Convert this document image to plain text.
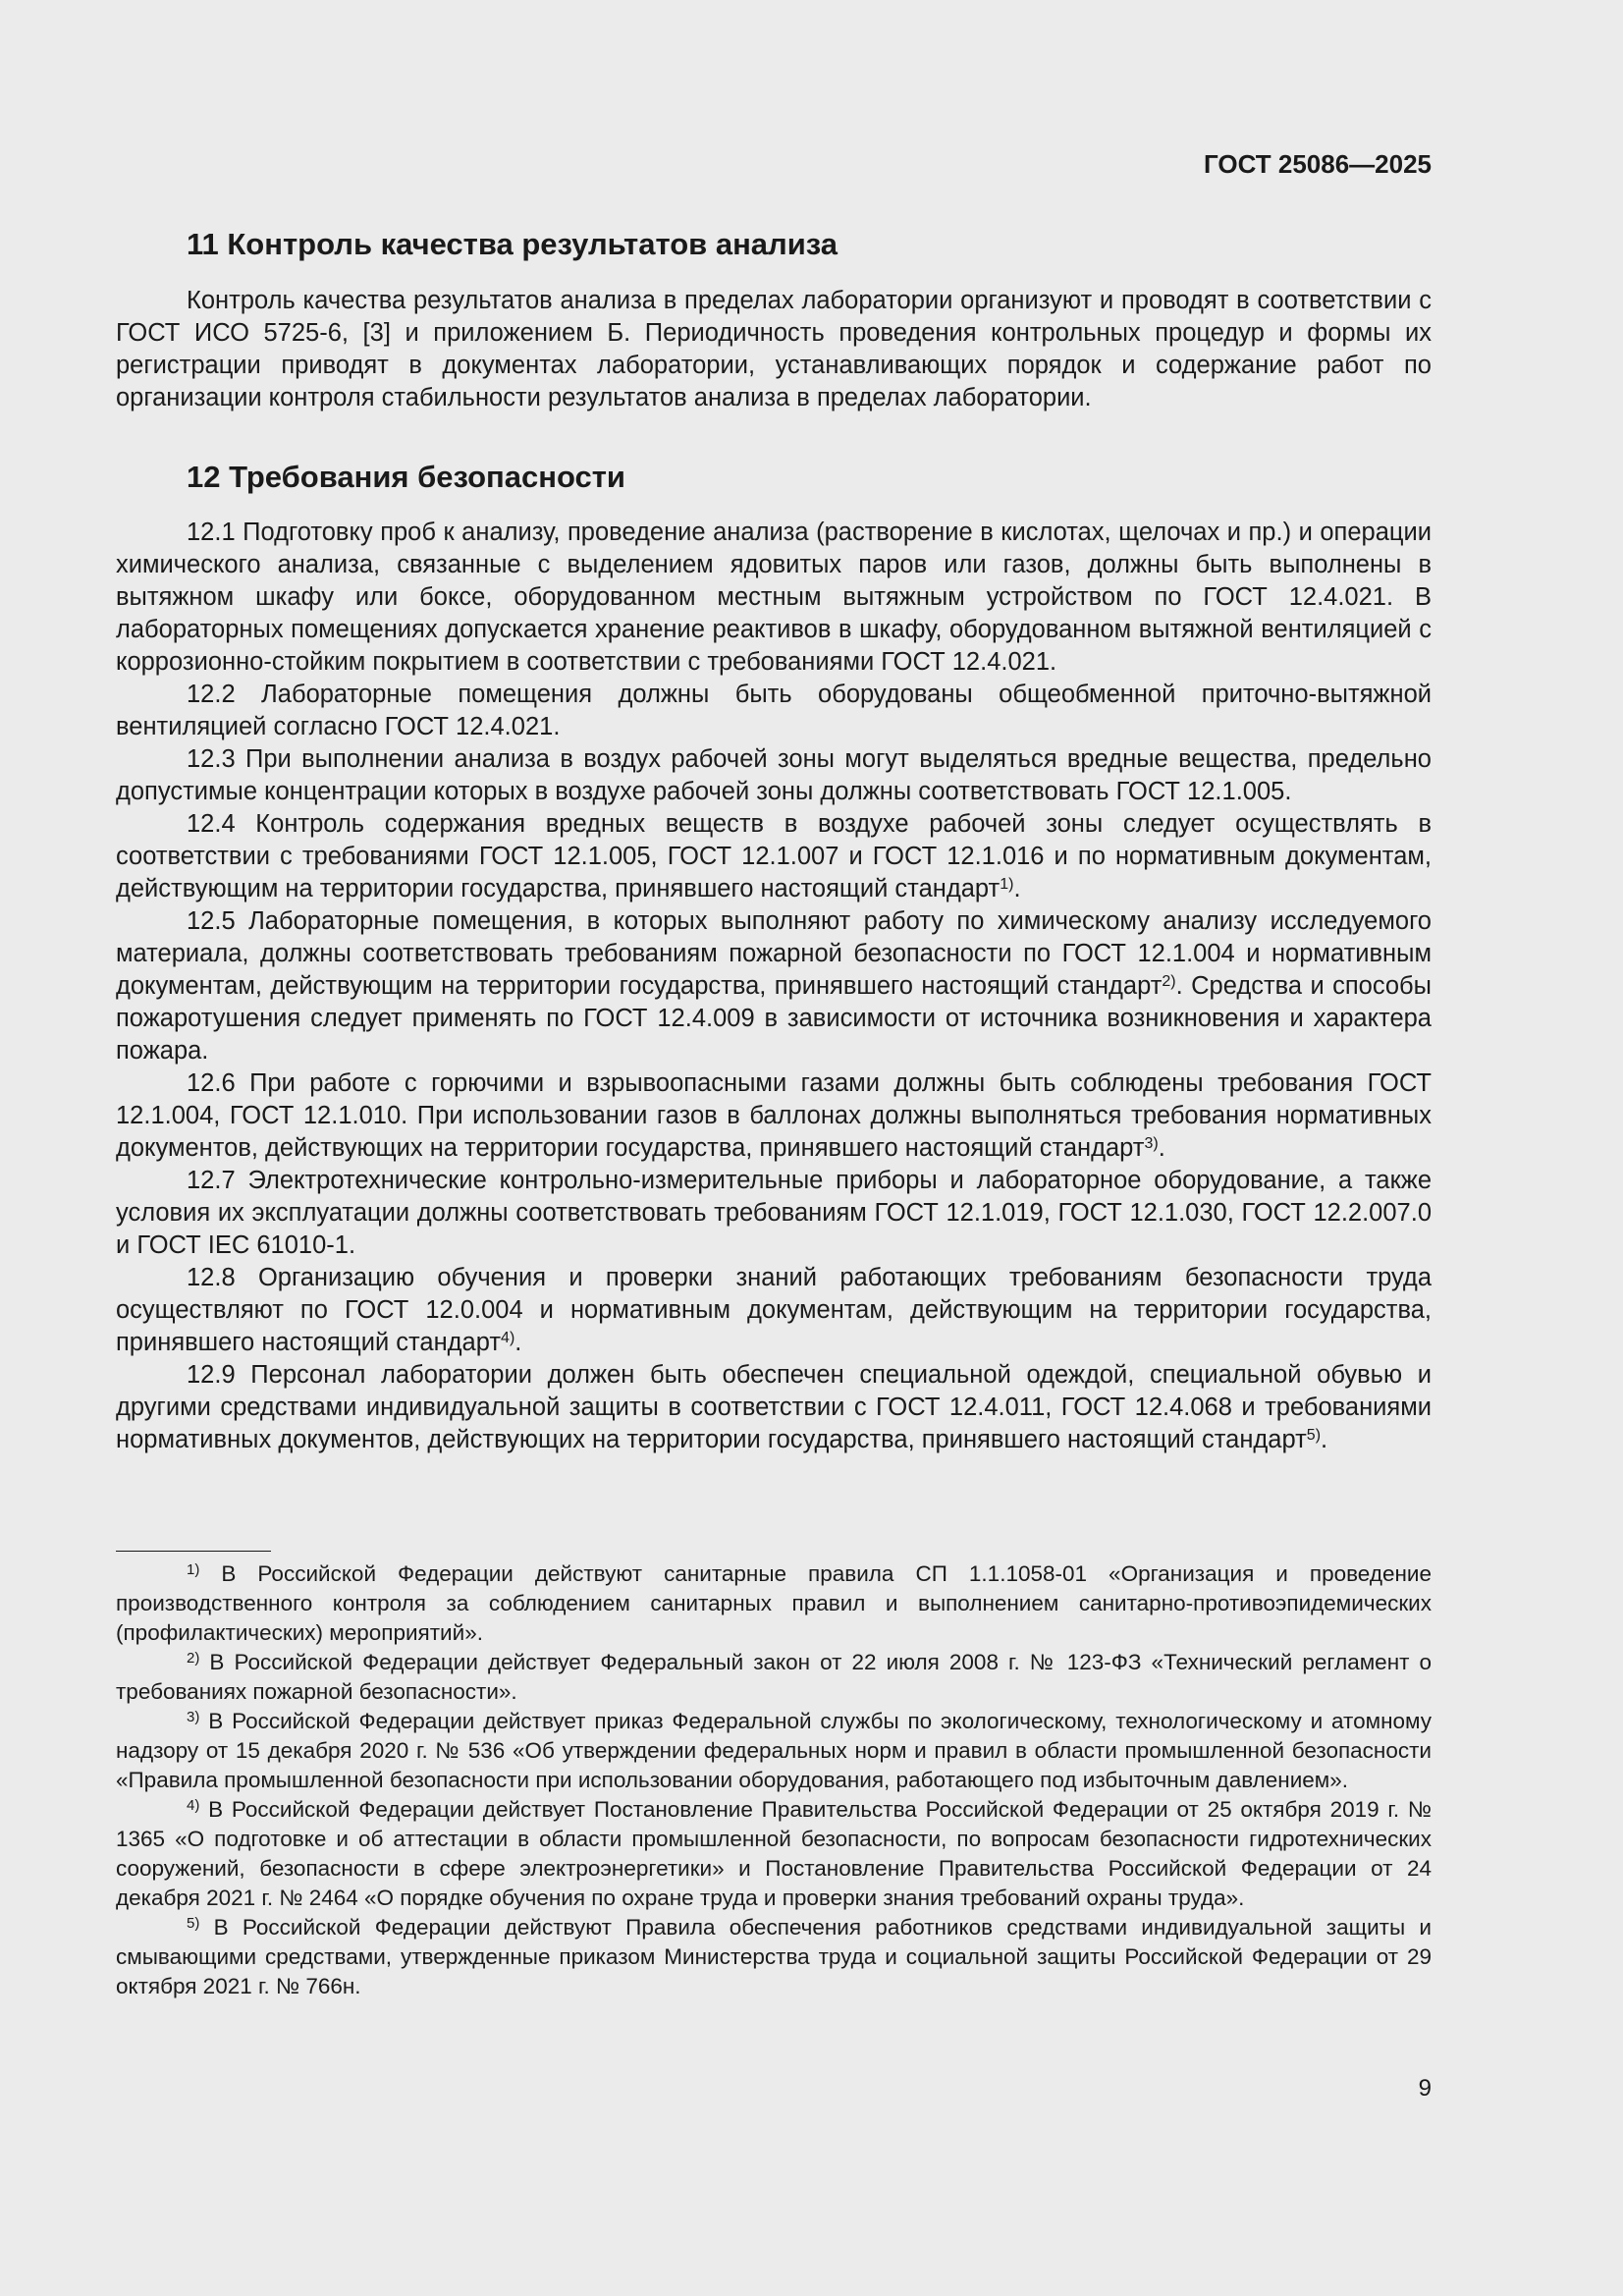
ГОСТ 25086—2025
11 Контроль качества результатов анализа

Контроль качества результатов анализа в пределах лаборатории организуют и проводят в соответствии с ГОСТ ИСО 5725-6, [3] и приложением Б. Периодичность проведения контрольных процедур и формы их регистрации приводят в документах лаборатории, устанавливающих порядок и содержание работ по организации контроля стабильности результатов анализа в пределах лаборатории.

12 Требования безопасности

12.1 Подготовку проб к анализу, проведение анализа (растворение в кислотах, щелочах и пр.) и операции химического анализа, связанные с выделением ядовитых паров или газов, должны быть выполнены в вытяжном шкафу или боксе, оборудованном местным вытяжным устройством по ГОСТ 12.4.021. В лабораторных помещениях допускается хранение реактивов в шкафу, оборудованном вытяжной вентиляцией с коррозионно-стойким покрытием в соответствии с требованиями ГОСТ 12.4.021.

12.2 Лабораторные помещения должны быть оборудованы общеобменной приточно-вытяжной вентиляцией согласно ГОСТ 12.4.021.

12.3 При выполнении анализа в воздух рабочей зоны могут выделяться вредные вещества, предельно допустимые концентрации которых в воздухе рабочей зоны должны соответствовать ГОСТ 12.1.005.

12.4 Контроль содержания вредных веществ в воздухе рабочей зоны следует осуществлять в соответствии с требованиями ГОСТ 12.1.005, ГОСТ 12.1.007 и ГОСТ 12.1.016 и по нормативным документам, действующим на территории государства, принявшего настоящий стандарт$^{1)}$.

12.5 Лабораторные помещения, в которых выполняют работу по химическому анализу исследуемого материала, должны соответствовать требованиям пожарной безопасности по ГОСТ 12.1.004 и нормативным документам, действующим на территории государства, принявшего настоящий стандарт$^{2)}$. Средства и способы пожаротушения следует применять по ГОСТ 12.4.009 в зависимости от источника возникновения и характера пожара.

12.6 При работе с горючими и взрывоопасными газами должны быть соблюдены требования ГОСТ 12.1.004, ГОСТ 12.1.010. При использовании газов в баллонах должны выполняться требования нормативных документов, действующих на территории государства, принявшего настоящий стандарт$^{3)}$.

12.7 Электротехнические контрольно-измерительные приборы и лабораторное оборудование, а также условия их эксплуатации должны соответствовать требованиям ГОСТ 12.1.019, ГОСТ 12.1.030, ГОСТ 12.2.007.0 и ГОСТ IEC 61010-1.

12.8 Организацию обучения и проверки знаний работающих требованиям безопасности труда осуществляют по ГОСТ 12.0.004 и нормативным документам, действующим на территории государства, принявшего настоящий стандарт$^{4)}$.

12.9 Персонал лаборатории должен быть обеспечен специальной одеждой, специальной обувью и другими средствами индивидуальной защиты в соответствии с ГОСТ 12.4.011, ГОСТ 12.4.068 и требованиями нормативных документов, действующих на территории государства, принявшего настоящий стандарт$^{5)}$.

$^{1)}$ В Российской Федерации действуют санитарные правила СП 1.1.1058-01 «Организация и проведение производственного контроля за соблюдением санитарных правил и выполнением санитарно-противоэпидемических (профилактических) мероприятий».

$^{2)}$ В Российской Федерации действует Федеральный закон от 22 июля 2008 г. № 123-ФЗ «Технический регламент о требованиях пожарной безопасности».

$^{3)}$ В Российской Федерации действует приказ Федеральной службы по экологическому, технологическому и атомному надзору от 15 декабря 2020 г. № 536 «Об утверждении федеральных норм и правил в области промышленной безопасности «Правила промышленной безопасности при использовании оборудования, работающего под избыточным давлением».

$^{4)}$ В Российской Федерации действует Постановление Правительства Российской Федерации от 25 октября 2019 г. № 1365 «О подготовке и об аттестации в области промышленной безопасности, по вопросам безопасности гидротехнических сооружений, безопасности в сфере электроэнергетики» и Постановление Правительства Российской Федерации от 24 декабря 2021 г. № 2464 «О порядке обучения по охране труда и проверки знания требований охраны труда».

$^{5)}$ В Российской Федерации действуют Правила обеспечения работников средствами индивидуальной защиты и смывающими средствами, утвержденные приказом Министерства труда и социальной защиты Российской Федерации от 29 октября 2021 г. № 766н.

9
